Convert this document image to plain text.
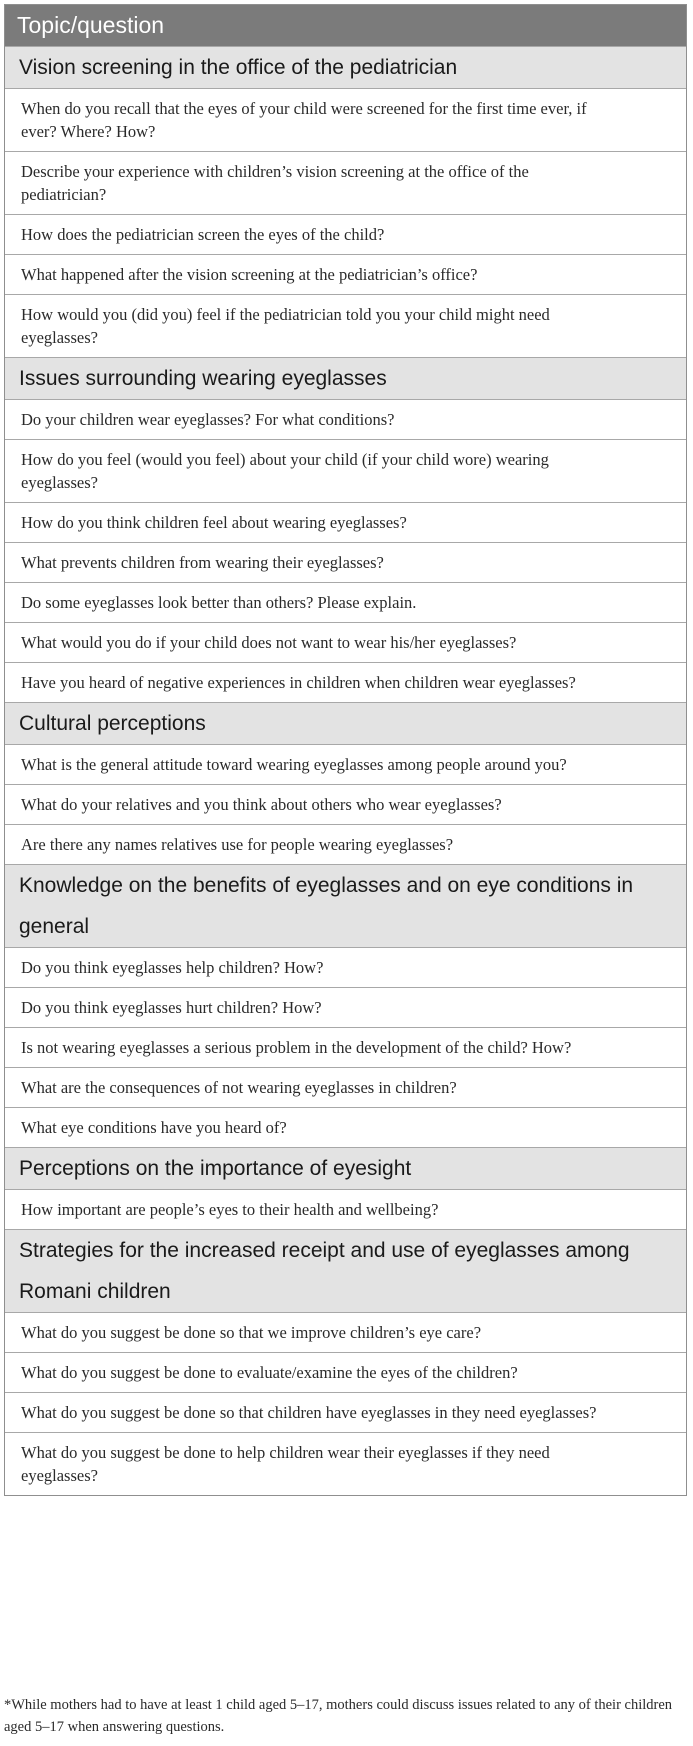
Topic/question
Vision screening in the office of the pediatrician
When do you recall that the eyes of your child were screened for the first time ever, if ever? Where? How?
Describe your experience with children’s vision screening at the office of the pediatrician?
How does the pediatrician screen the eyes of the child?
What happened after the vision screening at the pediatrician’s office?
How would you (did you) feel if the pediatrician told you your child might need eyeglasses?
Issues surrounding wearing eyeglasses
Do your children wear eyeglasses? For what conditions?
How do you feel (would you feel) about your child (if your child wore) wearing eyeglasses?
How do you think children feel about wearing eyeglasses?
What prevents children from wearing their eyeglasses?
Do some eyeglasses look better than others? Please explain.
What would you do if your child does not want to wear his/her eyeglasses?
Have you heard of negative experiences in children when children wear eyeglasses?
Cultural perceptions
What is the general attitude toward wearing eyeglasses among people around you?
What do your relatives and you think about others who wear eyeglasses?
Are there any names relatives use for people wearing eyeglasses?
Knowledge on the benefits of eyeglasses and on eye conditions in general
Do you think eyeglasses help children? How?
Do you think eyeglasses hurt children? How?
Is not wearing eyeglasses a serious problem in the development of the child? How?
What are the consequences of not wearing eyeglasses in children?
What eye conditions have you heard of?
Perceptions on the importance of eyesight
How important are people’s eyes to their health and wellbeing?
Strategies for the increased receipt and use of eyeglasses among Romani children
What do you suggest be done so that we improve children’s eye care?
What do you suggest be done to evaluate/examine the eyes of the children?
What do you suggest be done so that children have eyeglasses in they need eyeglasses?
What do you suggest be done to help children wear their eyeglasses if they need eyeglasses?
*While mothers had to have at least 1 child aged 5–17, mothers could discuss issues related to any of their children aged 5–17 when answering questions.
